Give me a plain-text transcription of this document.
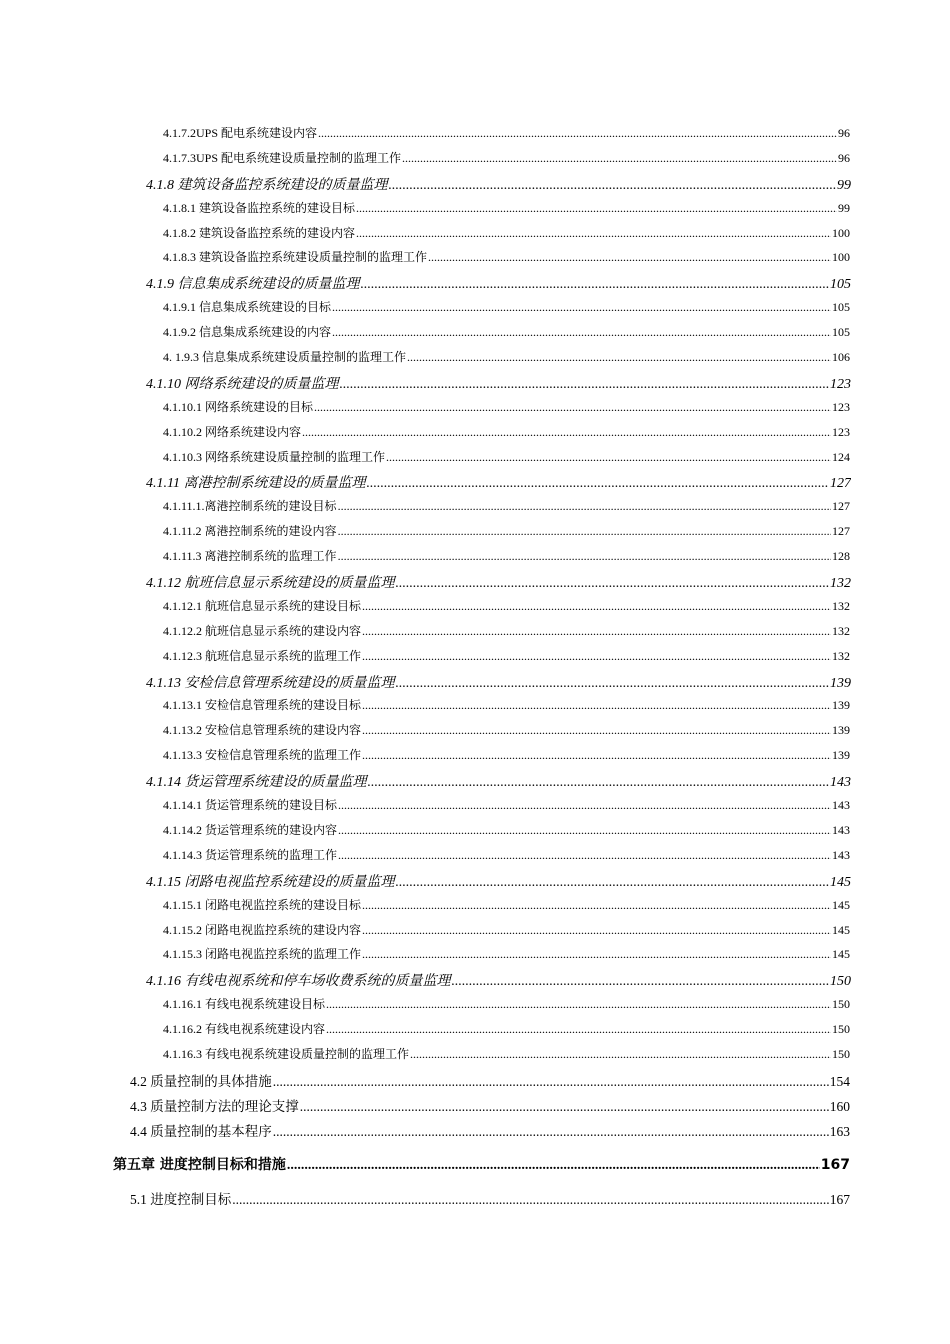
4.1.7.2UPS 配电系统建设内容 .....	96
4.1.7.3UPS 配电系统建设质量控制的监理工作 .....	96
4.1.8 建筑设备监控系统建设的质量监理 .....	99
4.1.8.1 建筑设备监控系统的建设目标 .....	99
4.1.8.2 建筑设备监控系统的建设内容 .....	100
4.1.8.3 建筑设备监控系统建设质量控制的监理工作 .....	100
4.1.9 信息集成系统建设的质量监理 .....	105
4.1.9.1 信息集成系统建设的目标 .....	105
4.1.9.2 信息集成系统建设的内容 .....	105
4. 1.9.3 信息集成系统建设质量控制的监理工作 .....	106
4.1.10 网络系统建设的质量监理 .....	123
4.1.10.1 网络系统建设的目标 .....	123
4.1.10.2 网络系统建设内容 .....	123
4.1.10.3 网络系统建设质量控制的监理工作 .....	124
4.1.11 离港控制系统建设的质量监理 .....	127
4.1.11.1.离港控制系统的建设目标 .....	127
4.1.11.2 离港控制系统的建设内容 .....	127
4.1.11.3 离港控制系统的监理工作 .....	128
4.1.12 航班信息显示系统建设的质量监理 .....	132
4.1.12.1 航班信息显示系统的建设目标 .....	132
4.1.12.2 航班信息显示系统的建设内容 .....	132
4.1.12.3 航班信息显示系统的监理工作 .....	132
4.1.13 安检信息管理系统建设的质量监理 .....	139
4.1.13.1 安检信息管理系统的建设目标 .....	139
4.1.13.2 安检信息管理系统的建设内容 .....	139
4.1.13.3 安检信息管理系统的监理工作 .....	139
4.1.14 货运管理系统建设的质量监理 .....	143
4.1.14.1 货运管理系统的建设目标 .....	143
4.1.14.2 货运管理系统的建设内容 .....	143
4.1.14.3 货运管理系统的监理工作 .....	143
4.1.15 闭路电视监控系统建设的质量监理 .....	145
4.1.15.1 闭路电视监控系统的建设目标 .....	145
4.1.15.2 闭路电视监控系统的建设内容 .....	145
4.1.15.3 闭路电视监控系统的监理工作 .....	145
4.1.16 有线电视系统和停车场收费系统的质量监理 .....	150
4.1.16.1 有线电视系统建设目标 .....	150
4.1.16.2 有线电视系统建设内容 .....	150
4.1.16.3 有线电视系统建设质量控制的监理工作 .....	150
4.2 质量控制的具体措施 .....	154
4.3 质量控制方法的理论支撑 .....	160
4.4 质量控制的基本程序 .....	163
第五章 进度控制目标和措施 .....	167
5.1 进度控制目标 .....	167
